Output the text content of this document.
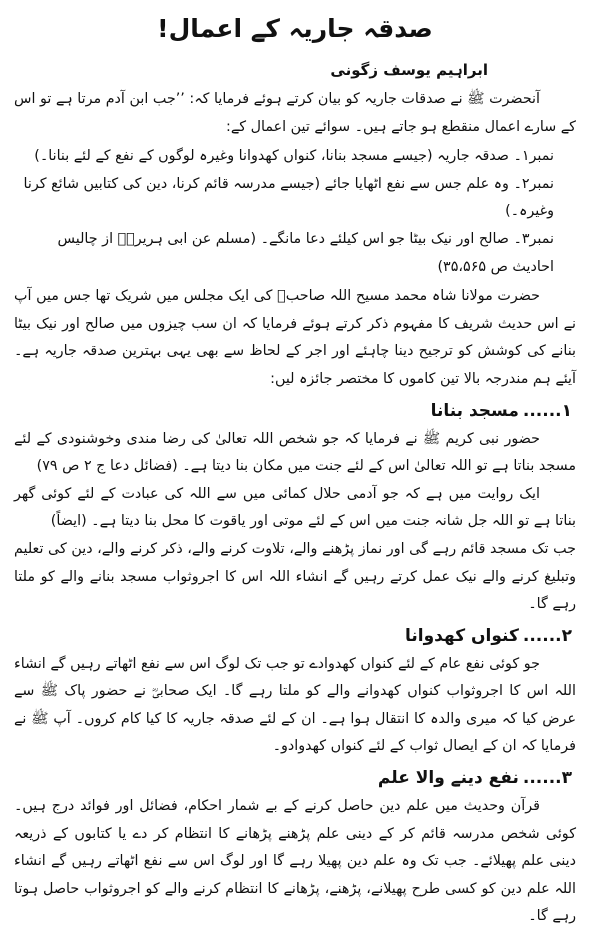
صدقہ جاریہ کے اعمال!
ابراہیم یوسف زگونی

آنحضرت ﷺ نے صدقات جاریہ کو بیان کرتے ہوئے فرمایا کہ: ’’جب ابن آدم مرتا ہے تو اس کے سارے اعمال منقطع ہو جاتے ہیں۔ سوائے تین اعمال کے:

نمبر۱۔ صدقہ جاریہ (جیسے مسجد بنانا، کنواں کھدوانا وغیرہ لوگوں کے نفع کے لئے بنانا۔)

نمبر۲۔ وہ علم جس سے نفع اٹھایا جائے (جیسے مدرسہ قائم کرنا، دین کی کتابیں شائع کرنا وغیرہ۔)

نمبر۳۔ صالح اور نیک بیٹا جو اس کیلئے دعا مانگے۔ (مسلم عن ابی ہریرہؓ از چالیس احادیث ص ۳۵،۵۶۵)

حضرت مولانا شاہ محمد مسیح اللہ صاحبؒ کی ایک مجلس میں شریک تھا جس میں آپ نے اس حدیث شریف کا مفہوم ذکر کرتے ہوئے فرمایا کہ ان سب چیزوں میں صالح اور نیک بیٹا بنانے کی کوشش کو ترجیح دینا چاہئے اور اجر کے لحاظ سے بھی یہی بہترین صدقہ جاریہ ہے۔ آیئے ہم مندرجہ بالا تین کاموں کا مختصر جائزہ لیں:

۱......مسجد بنانا

حضور نبی کریم ﷺ نے فرمایا کہ جو شخص اللہ تعالیٰ کی رضا مندی وخوشنودی کے لئے مسجد بناتا ہے تو اللہ تعالیٰ اس کے لئے جنت میں مکان بنا دیتا ہے۔ (فضائل دعا ج ۲ ص ۷۹)

ایک روایت میں ہے کہ جو آدمی حلال کمائی میں سے اللہ کی عبادت کے لئے کوئی گھر بناتا ہے تو اللہ جل شانہ جنت میں اس کے لئے موتی اور یاقوت کا محل بنا دیتا ہے۔ (ایضاً)

جب تک مسجد قائم رہے گی اور نماز پڑھنے والے، تلاوت کرنے والے، ذکر کرنے والے، دین کی تعلیم وتبلیغ کرنے والے نیک عمل کرتے رہیں گے انشاء اللہ اس کا اجروثواب مسجد بنانے والے کو ملتا رہے گا۔

۲......کنواں کھدوانا

جو کوئی نفع عام کے لئے کنواں کھدوادے تو جب تک لوگ اس سے نفع اٹھاتے رہیں گے انشاء اللہ اس کا اجروثواب کنواں کھدوانے والے کو ملتا رہے گا۔ ایک صحابیؓ نے حضور پاک ﷺ سے عرض کیا کہ میری والدہ کا انتقال ہوا ہے۔ ان کے لئے صدقہ جاریہ کا کیا کام کروں۔ آپ ﷺ نے فرمایا کہ ان کے ایصال ثواب کے لئے کنواں کھدوادو۔

۳......نفع دینے والا علم

قرآن وحدیث میں علم دین حاصل کرنے کے بے شمار احکام، فضائل اور فوائد درج ہیں۔ کوئی شخص مدرسہ قائم کر کے دینی علم پڑھنے پڑھانے کا انتظام کر دے یا کتابوں کے ذریعہ دینی علم پھیلائے۔ جب تک وہ علم دین پھیلا رہے گا اور لوگ اس سے نفع اٹھاتے رہیں گے انشاء اللہ علم دین کو کسی طرح پھیلانے، پڑھنے، پڑھانے کا انتظام کرنے والے کو اجروثواب حاصل ہوتا رہے گا۔
